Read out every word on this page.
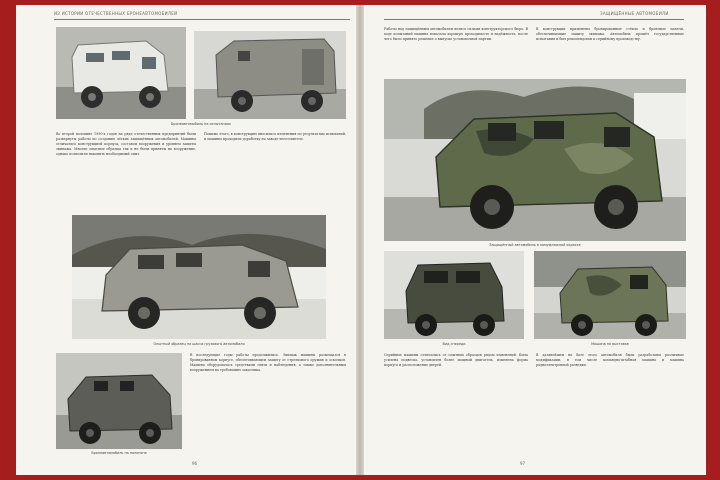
ИЗ ИСТОРИИ ОТЕЧЕСТВЕННЫХ БРОНЕАВТОМОБИЛЕЙ
Бронеавтомобиль на испытаниях
Во второй половине 1990-х годов на ряде отечественных предприятий были развернуты работы по созданию лёгких защищённых автомобилей. Машины отличались конструкцией корпуса, составом вооружения и уровнем защиты экипажа. Многие опытные образцы так и не были приняты на вооружение, однако позволили накопить необходимый опыт.
Помимо этого, в конструкцию вносились изменения по результатам испытаний, и машины проходили доработку на заводе-изготовителе.
Опытный образец на шасси грузового автомобиля
Бронеавтомобиль на полигоне
В последующие годы работы продолжились. Экипаж машины размещался в бронированном корпусе, обеспечивающем защиту от стрелкового оружия и осколков. Машина оборудовалась средствами связи и наблюдения, а также дополнительным вооружением по требованию заказчика.
96
ЗАЩИЩЁННЫЕ АВТОМОБИЛИ
Работы над защищённым автомобилем велись силами конструкторского бюро. В ходе испытаний машина показала хорошую проходимость и надёжность, после чего было принято решение о выпуске установочной партии.
В конструкции применены бронированные стёкла и броневые панели, обеспечивающие защиту экипажа. Автомобиль прошёл государственные испытания и был рекомендован к серийному производству.
Защищённый автомобиль в камуфляжной окраске
Вид спереди	Машина на выставке
Серийные машины отличались от опытных образцов рядом изменений. Была усилена подвеска, установлен более мощный двигатель, изменена форма корпуса и расположение дверей.
В дальнейшем на базе этого автомобиля были разработаны различные модификации, в том числе командно-штабная машина и машина радиоэлектронной разведки.
97
